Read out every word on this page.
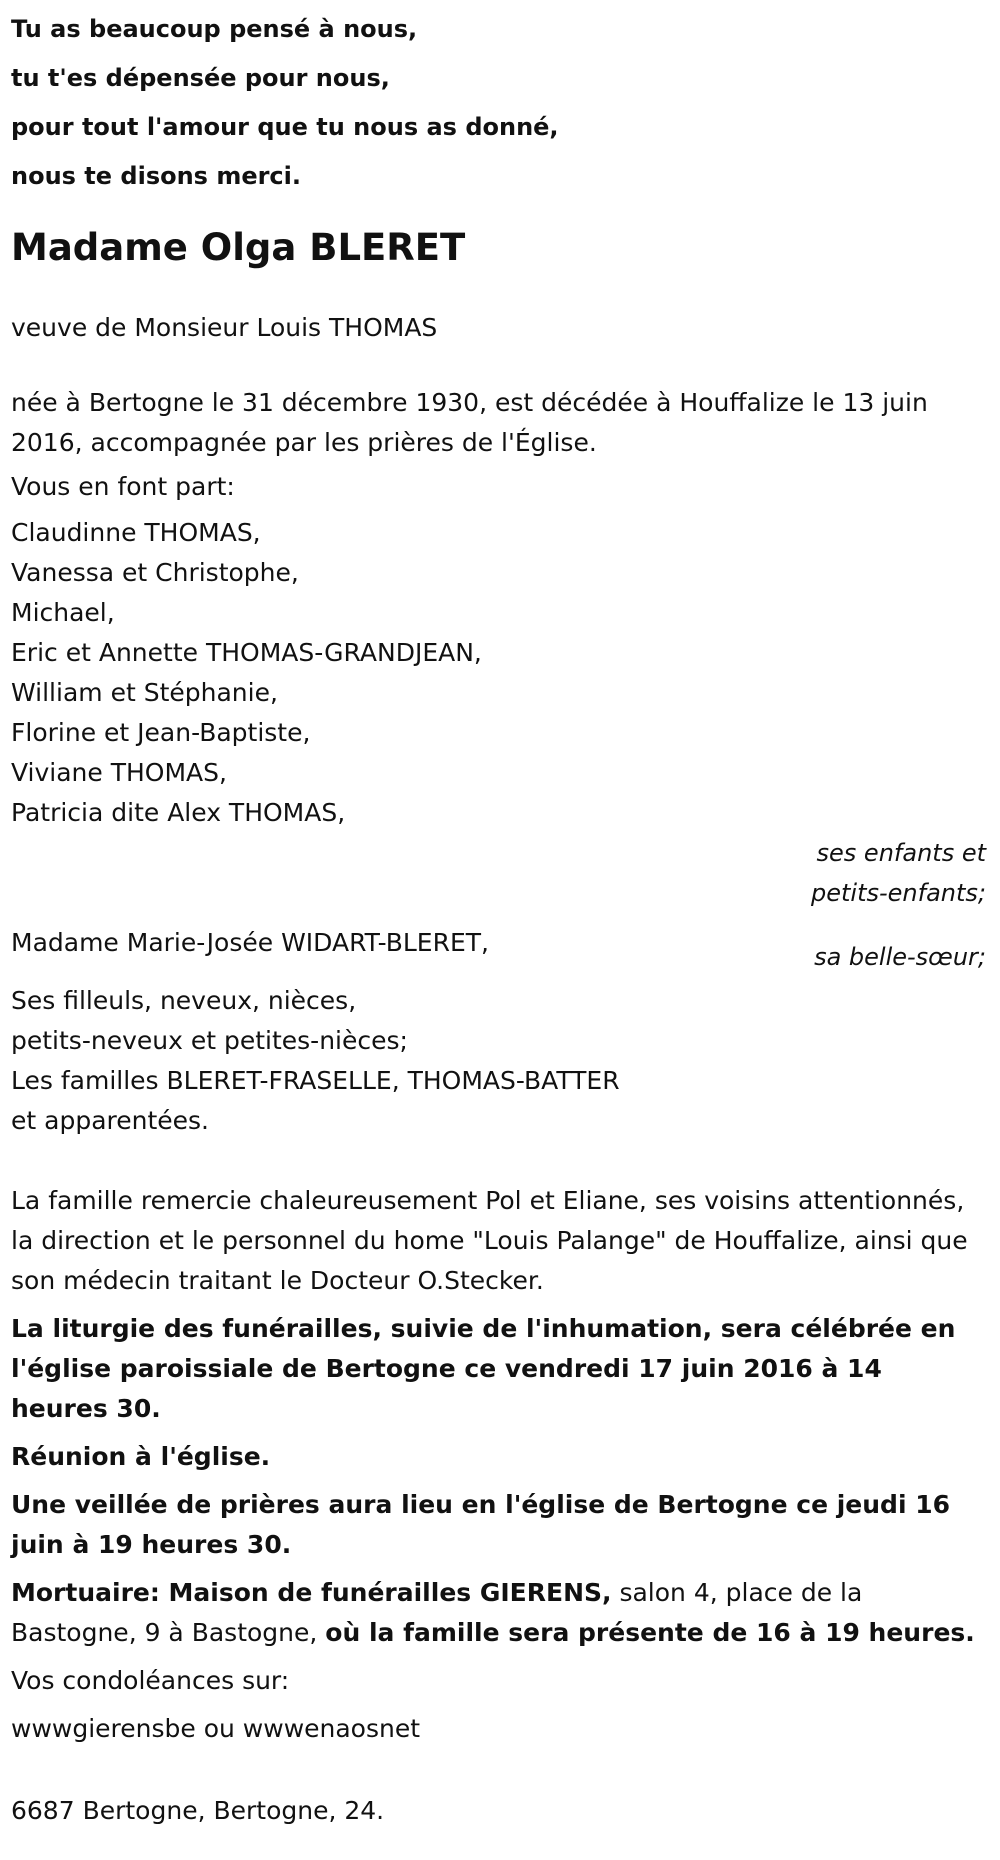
Tu as beaucoup pensé à nous,
tu t'es dépensée pour nous,
pour tout l'amour que tu nous as donné,
nous te disons merci.
Madame Olga BLERET
veuve de Monsieur Louis THOMAS

née à Bertogne le 31 décembre 1930, est décédée à Houffalize le 13 juin 2016, accompagnée par les prières de l'Église.

Vous en font part:

Claudinne THOMAS,
Vanessa et Christophe,
Michael,
Eric et Annette THOMAS-GRANDJEAN,
William et Stéphanie,
Florine et Jean-Baptiste,
Viviane THOMAS,
Patricia dite Alex THOMAS,
ses enfants et
petits-enfants;
Madame Marie-Josée WIDART-BLERET,	sa belle-sœur;
Ses filleuls, neveux, nièces,
petits-neveux et petites-nièces;
Les familles BLERET-FRASELLE, THOMAS-BATTER
et apparentées.

La famille remercie chaleureusement Pol et Eliane, ses voisins attentionnés, la direction et le personnel du home "Louis Palange" de Houffalize, ainsi que son médecin traitant le Docteur O.Stecker.

La liturgie des funérailles, suivie de l'inhumation, sera célébrée en l'église paroissiale de Bertogne ce vendredi 17 juin 2016 à 14 heures 30.

Réunion à l'église.

Une veillée de prières aura lieu en l'église de Bertogne ce jeudi 16 juin à 19 heures 30.

Mortuaire: Maison de funérailles GIERENS, salon 4, place de la Bastogne, 9 à Bastogne, où la famille sera présente de 16 à 19 heures.

Vos condoléances sur:

wwwgierensbe ou wwwenaosnet

6687 Bertogne, Bertogne, 24.
